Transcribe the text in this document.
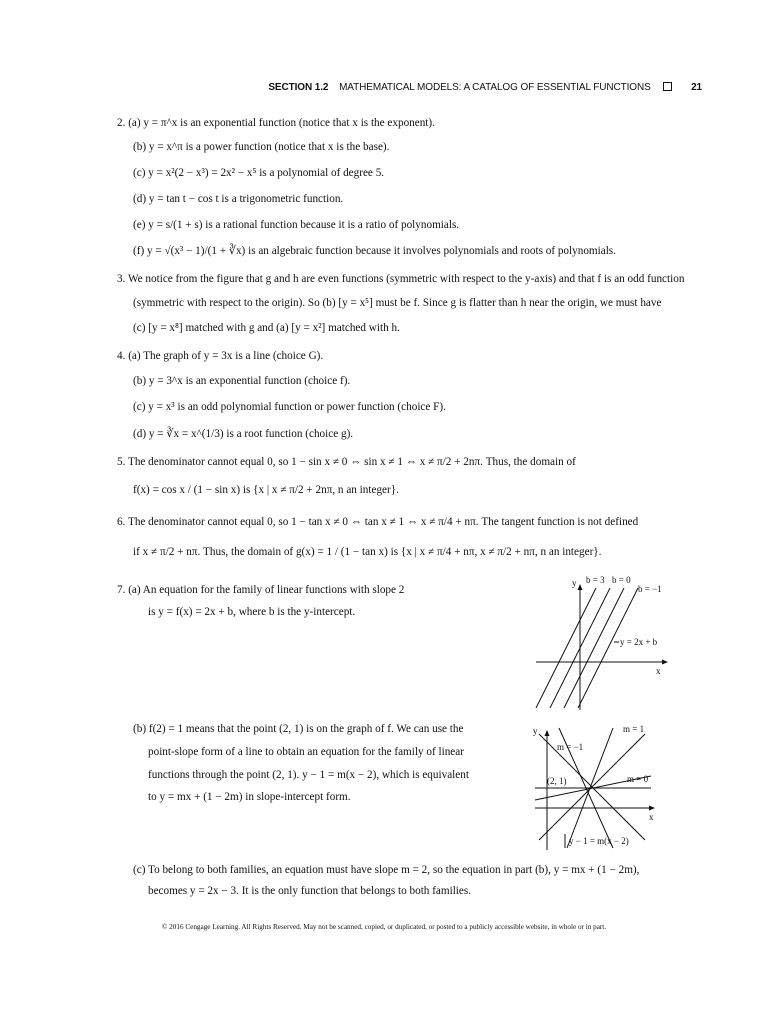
SECTION 1.2 MATHEMATICAL MODELS: A CATALOG OF ESSENTIAL FUNCTIONS	21
2. (a) y = π^x is an exponential function (notice that x is the exponent).
(b) y = x^π is a power function (notice that x is the base).
(c) y = x²(2 − x³) = 2x² − x⁵ is a polynomial of degree 5.
(d) y = tan t − cos t is a trigonometric function.
(e) y = s/(1 + s) is a rational function because it is a ratio of polynomials.
(f) y = √(x³ − 1)/(1 + ∛x) is an algebraic function because it involves polynomials and roots of polynomials.
3. We notice from the figure that g and h are even functions (symmetric with respect to the y-axis) and that f is an odd function
(symmetric with respect to the origin). So (b) [y = x⁵] must be f. Since g is flatter than h near the origin, we must have
(c) [y = x⁸] matched with g and (a) [y = x²] matched with h.
4. (a) The graph of y = 3x is a line (choice G).
(b) y = 3^x is an exponential function (choice f).
(c) y = x³ is an odd polynomial function or power function (choice F).
(d) y = ∛x = x^(1/3) is a root function (choice g).
5. The denominator cannot equal 0, so 1 − sin x ≠ 0 ⇔ sin x ≠ 1 ⇔ x ≠ π/2 + 2nπ. Thus, the domain of
f(x) = cos x / (1 − sin x) is {x | x ≠ π/2 + 2nπ, n an integer}.
6. The denominator cannot equal 0, so 1 − tan x ≠ 0 ⇔ tan x ≠ 1 ⇔ x ≠ π/4 + nπ. The tangent function is not defined
if x ≠ π/2 + nπ. Thus, the domain of g(x) = 1 / (1 − tan x) is {x | x ≠ π/4 + nπ, x ≠ π/2 + nπ, n an integer}.
7. (a) An equation for the family of linear functions with slope 2
is y = f(x) = 2x + b, where b is the y-intercept.
(b) f(2) = 1 means that the point (2, 1) is on the graph of f. We can use the
point-slope form of a line to obtain an equation for the family of linear
functions through the point (2, 1). y − 1 = m(x − 2), which is equivalent
to y = mx + (1 − 2m) in slope-intercept form.
(c) To belong to both families, an equation must have slope m = 2, so the equation in part (b), y = mx + (1 − 2m),
becomes y = 2x − 3. It is the only function that belongs to both families.
y
x
b = 3 b = 0
b = −1
y = 2x + b
y
x
m = 1
m = −1
m = 0
(2, 1)
y − 1 = m(x − 2)
© 2016 Cengage Learning. All Rights Reserved. May not be scanned, copied, or duplicated, or posted to a publicly accessible website, in whole or in part.
